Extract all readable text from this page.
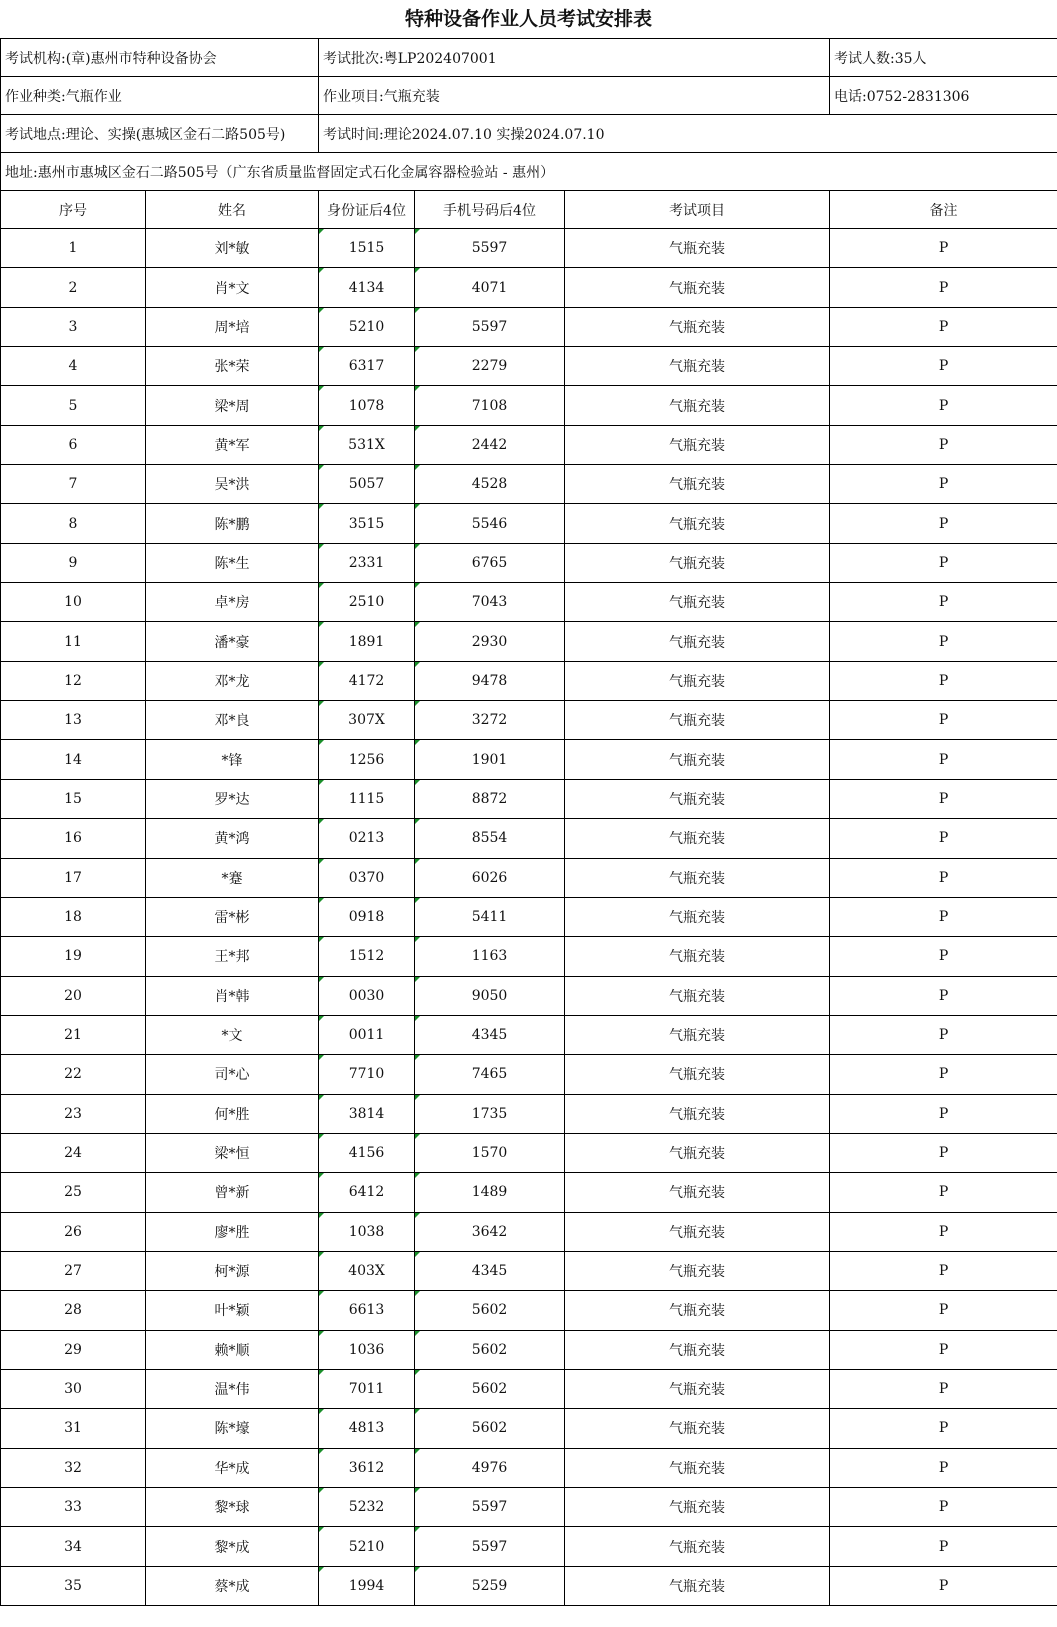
特种设备作业人员考试安排表
考试机构:(章)惠州市特种设备协会		考试批次:粤LP202407001			考试人数:35人
作业种类:气瓶作业		作业项目:气瓶充装			电话:0752-2831306
考试地点:理论、实操(惠城区金石二路505号)		考试时间:理论2024.07.10 实操2024.07.10			
地址:惠州市惠城区金石二路505号（广东省质量监督固定式石化金属容器检验站 - 惠州）					
序号	姓名	身份证后4位	手机号码后4位	考试项目	备注
1	刘*敏	1515	5597	气瓶充装	P
2	肖*文	4134	4071	气瓶充装	P
3	周*培	5210	5597	气瓶充装	P
4	张*荣	6317	2279	气瓶充装	P
5	梁*周	1078	7108	气瓶充装	P
6	黄*军	531X	2442	气瓶充装	P
7	吴*洪	5057	4528	气瓶充装	P
8	陈*鹏	3515	5546	气瓶充装	P
9	陈*生	2331	6765	气瓶充装	P
10	卓*房	2510	7043	气瓶充装	P
11	潘*豪	1891	2930	气瓶充装	P
12	邓*龙	4172	9478	气瓶充装	P
13	邓*良	307X	3272	气瓶充装	P
14	*锋	1256	1901	气瓶充装	P
15	罗*达	1115	8872	气瓶充装	P
16	黄*鸿	0213	8554	气瓶充装	P
17	*蹇	0370	6026	气瓶充装	P
18	雷*彬	0918	5411	气瓶充装	P
19	王*邦	1512	1163	气瓶充装	P
20	肖*韩	0030	9050	气瓶充装	P
21	*文	0011	4345	气瓶充装	P
22	司*心	7710	7465	气瓶充装	P
23	何*胜	3814	1735	气瓶充装	P
24	梁*恒	4156	1570	气瓶充装	P
25	曾*新	6412	1489	气瓶充装	P
26	廖*胜	1038	3642	气瓶充装	P
27	柯*源	403X	4345	气瓶充装	P
28	叶*颖	6613	5602	气瓶充装	P
29	赖*顺	1036	5602	气瓶充装	P
30	温*伟	7011	5602	气瓶充装	P
31	陈*壕	4813	5602	气瓶充装	P
32	华*成	3612	4976	气瓶充装	P
33	黎*球	5232	5597	气瓶充装	P
34	黎*成	5210	5597	气瓶充装	P
35	蔡*成	1994	5259	气瓶充装	P
